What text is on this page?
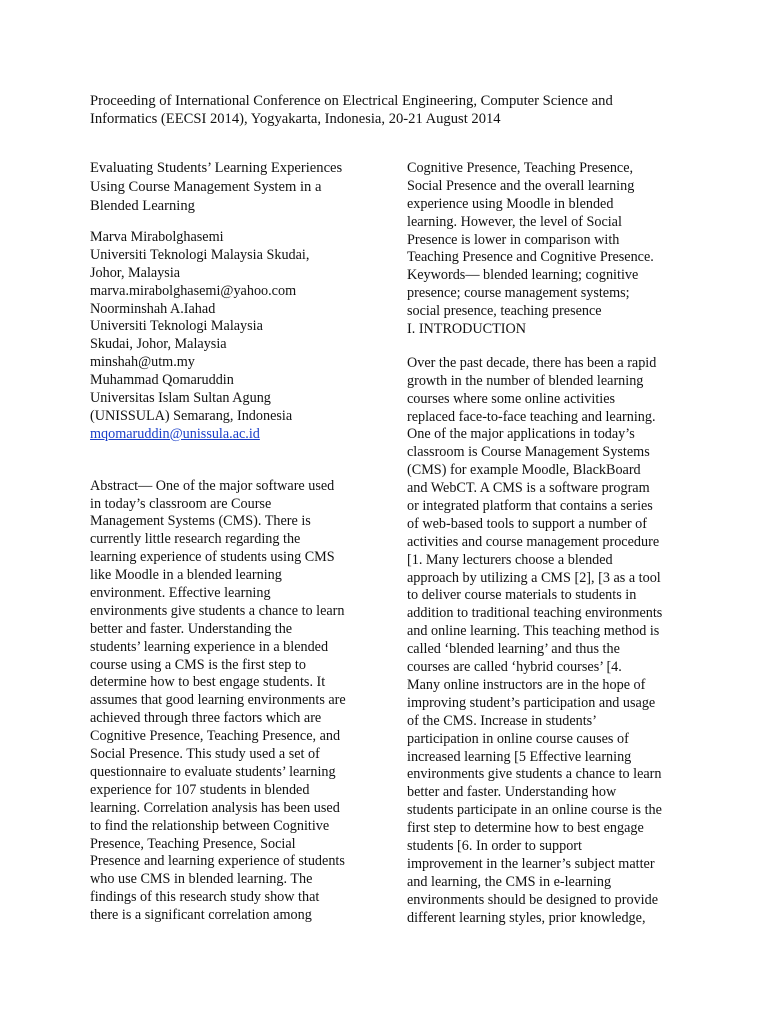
Proceeding of International Conference on Electrical Engineering, Computer Science and
Informatics (EECSI 2014), Yogyakarta, Indonesia, 20-21 August 2014
Evaluating Students’ Learning Experiences
Using Course Management System in a
Blended Learning
Marva Mirabolghasemi
Universiti Teknologi Malaysia Skudai,
Johor, Malaysia
marva.mirabolghasemi@yahoo.com
Noorminshah A.Iahad
Universiti Teknologi Malaysia
Skudai, Johor, Malaysia
minshah@utm.my
Muhammad Qomaruddin
Universitas Islam Sultan Agung
(UNISSULA) Semarang, Indonesia
mqomaruddin@unissula.ac.id
Abstract— One of the major software used
in today’s classroom are Course
Management Systems (CMS). There is
currently little research regarding the
learning experience of students using CMS
like Moodle in a blended learning
environment. Effective learning
environments give students a chance to learn
better and faster. Understanding the
students’ learning experience in a blended
course using a CMS is the first step to
determine how to best engage students. It
assumes that good learning environments are
achieved through three factors which are
Cognitive Presence, Teaching Presence, and
Social Presence. This study used a set of
questionnaire to evaluate students’ learning
experience for 107 students in blended
learning. Correlation analysis has been used
to find the relationship between Cognitive
Presence, Teaching Presence, Social
Presence and learning experience of students
who use CMS in blended learning. The
findings of this research study show that
there is a significant correlation among
Cognitive Presence, Teaching Presence,
Social Presence and the overall learning
experience using Moodle in blended
learning. However, the level of Social
Presence is lower in comparison with
Teaching Presence and Cognitive Presence.
Keywords— blended learning; cognitive
presence; course management systems;
social presence, teaching presence
I. INTRODUCTION
Over the past decade, there has been a rapid
growth in the number of blended learning
courses where some online activities
replaced face-to-face teaching and learning.
One of the major applications in today’s
classroom is Course Management Systems
(CMS) for example Moodle, BlackBoard
and WebCT. A CMS is a software program
or integrated platform that contains a series
of web-based tools to support a number of
activities and course management procedure
[1. Many lecturers choose a blended
approach by utilizing a CMS [2], [3 as a tool
to deliver course materials to students in
addition to traditional teaching environments
and online learning. This teaching method is
called ‘blended learning’ and thus the
courses are called ‘hybrid courses’ [4.
Many online instructors are in the hope of
improving student’s participation and usage
of the CMS. Increase in students’
participation in online course causes of
increased learning [5 Effective learning
environments give students a chance to learn
better and faster. Understanding how
students participate in an online course is the
first step to determine how to best engage
students [6. In order to support
improvement in the learner’s subject matter
and learning, the CMS in e-learning
environments should be designed to provide
different learning styles, prior knowledge,
